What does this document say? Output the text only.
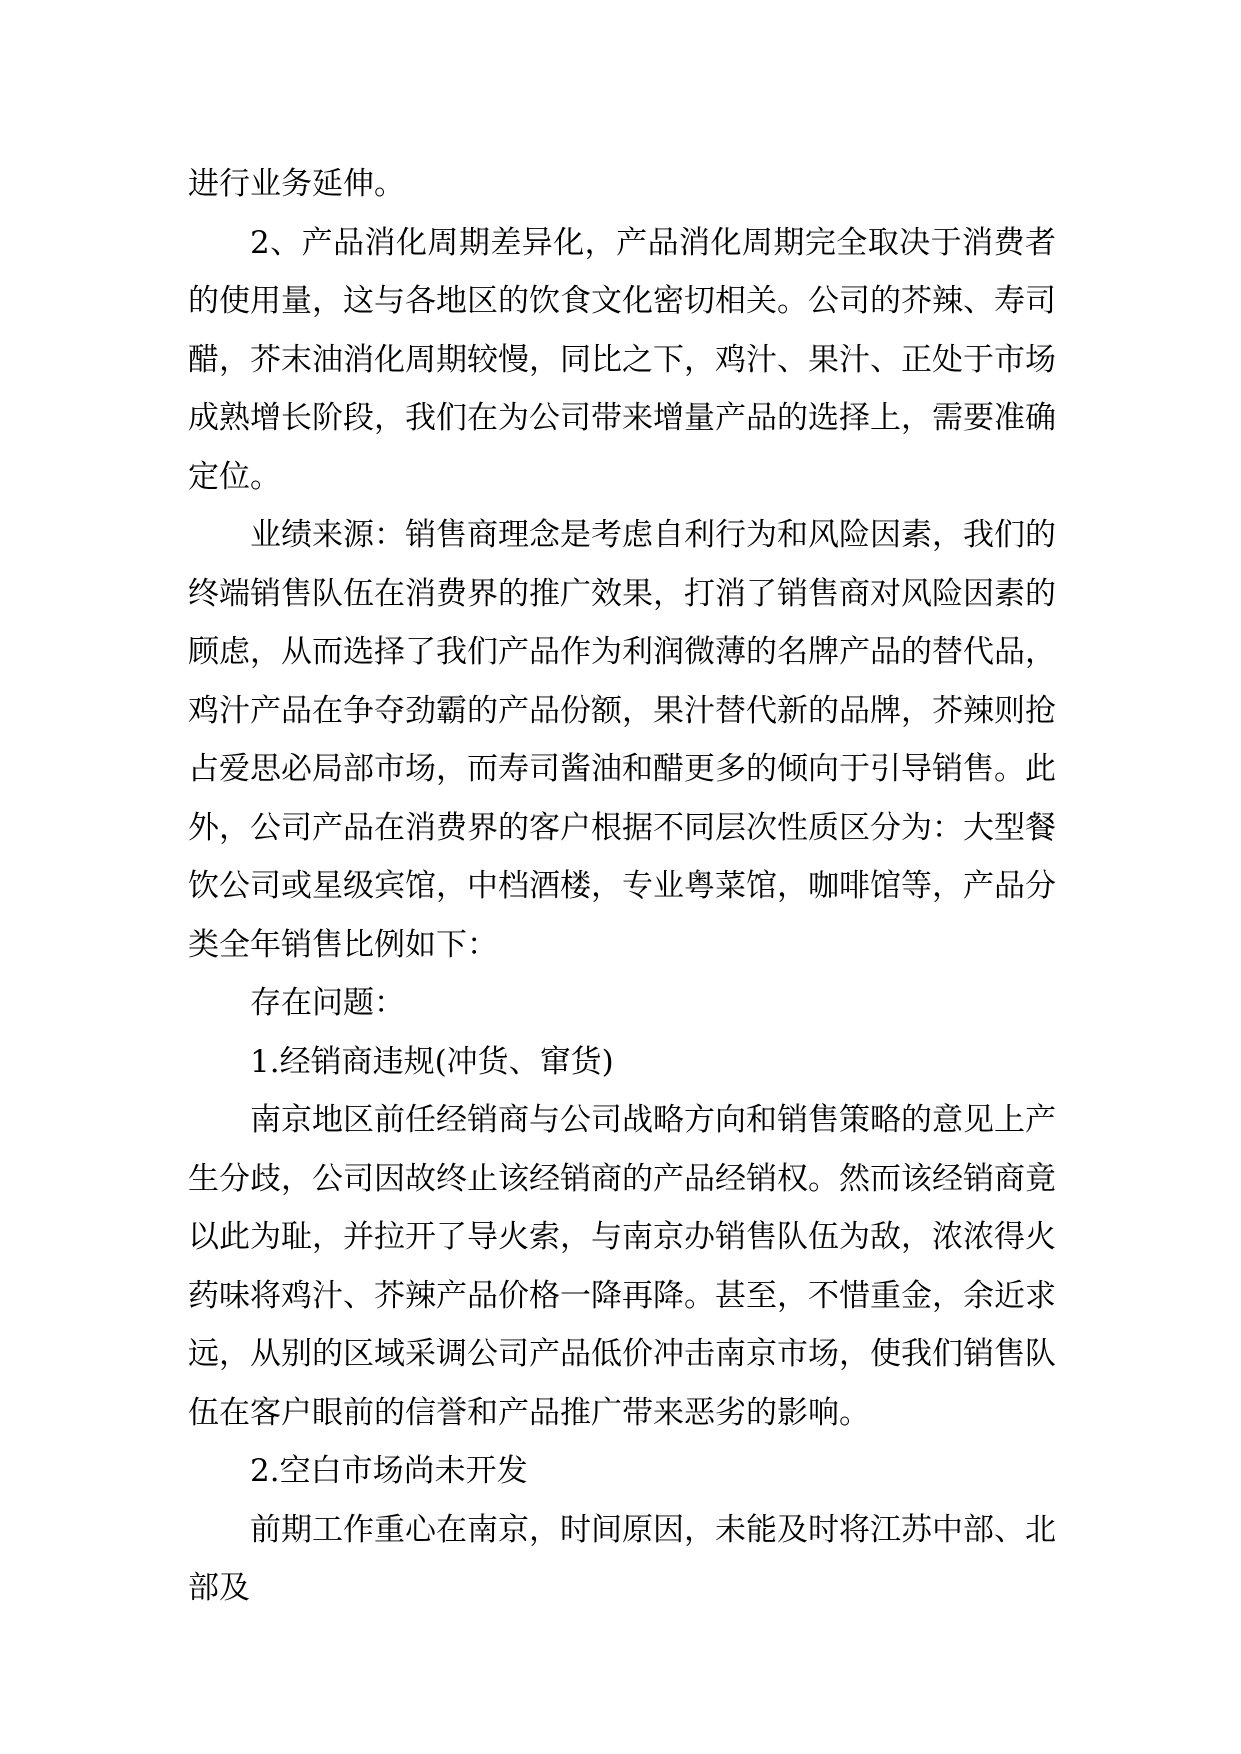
进行业务延伸。

2、产品消化周期差异化，产品消化周期完全取决于消费者的使用量，这与各地区的饮食文化密切相关。公司的芥辣、寿司醋，芥末油消化周期较慢，同比之下，鸡汁、果汁、正处于市场成熟增长阶段，我们在为公司带来增量产品的选择上，需要准确定位。

业绩来源：销售商理念是考虑自利行为和风险因素，我们的终端销售队伍在消费界的推广效果，打消了销售商对风险因素的顾虑，从而选择了我们产品作为利润微薄的名牌产品的替代品，鸡汁产品在争夺劲霸的产品份额，果汁替代新的品牌，芥辣则抢占爱思必局部市场，而寿司酱油和醋更多的倾向于引导销售。此外，公司产品在消费界的客户根据不同层次性质区分为：大型餐饮公司或星级宾馆，中档酒楼，专业粤菜馆，咖啡馆等，产品分类全年销售比例如下：

存在问题：

1.经销商违规(冲货、窜货)

南京地区前任经销商与公司战略方向和销售策略的意见上产生分歧，公司因故终止该经销商的产品经销权。然而该经销商竟以此为耻，并拉开了导火索，与南京办销售队伍为敌，浓浓得火药味将鸡汁、芥辣产品价格一降再降。甚至，不惜重金，余近求远，从别的区域采调公司产品低价冲击南京市场，使我们销售队伍在客户眼前的信誉和产品推广带来恶劣的影响。

2.空白市场尚未开发

前期工作重心在南京，时间原因，未能及时将江苏中部、北部及
